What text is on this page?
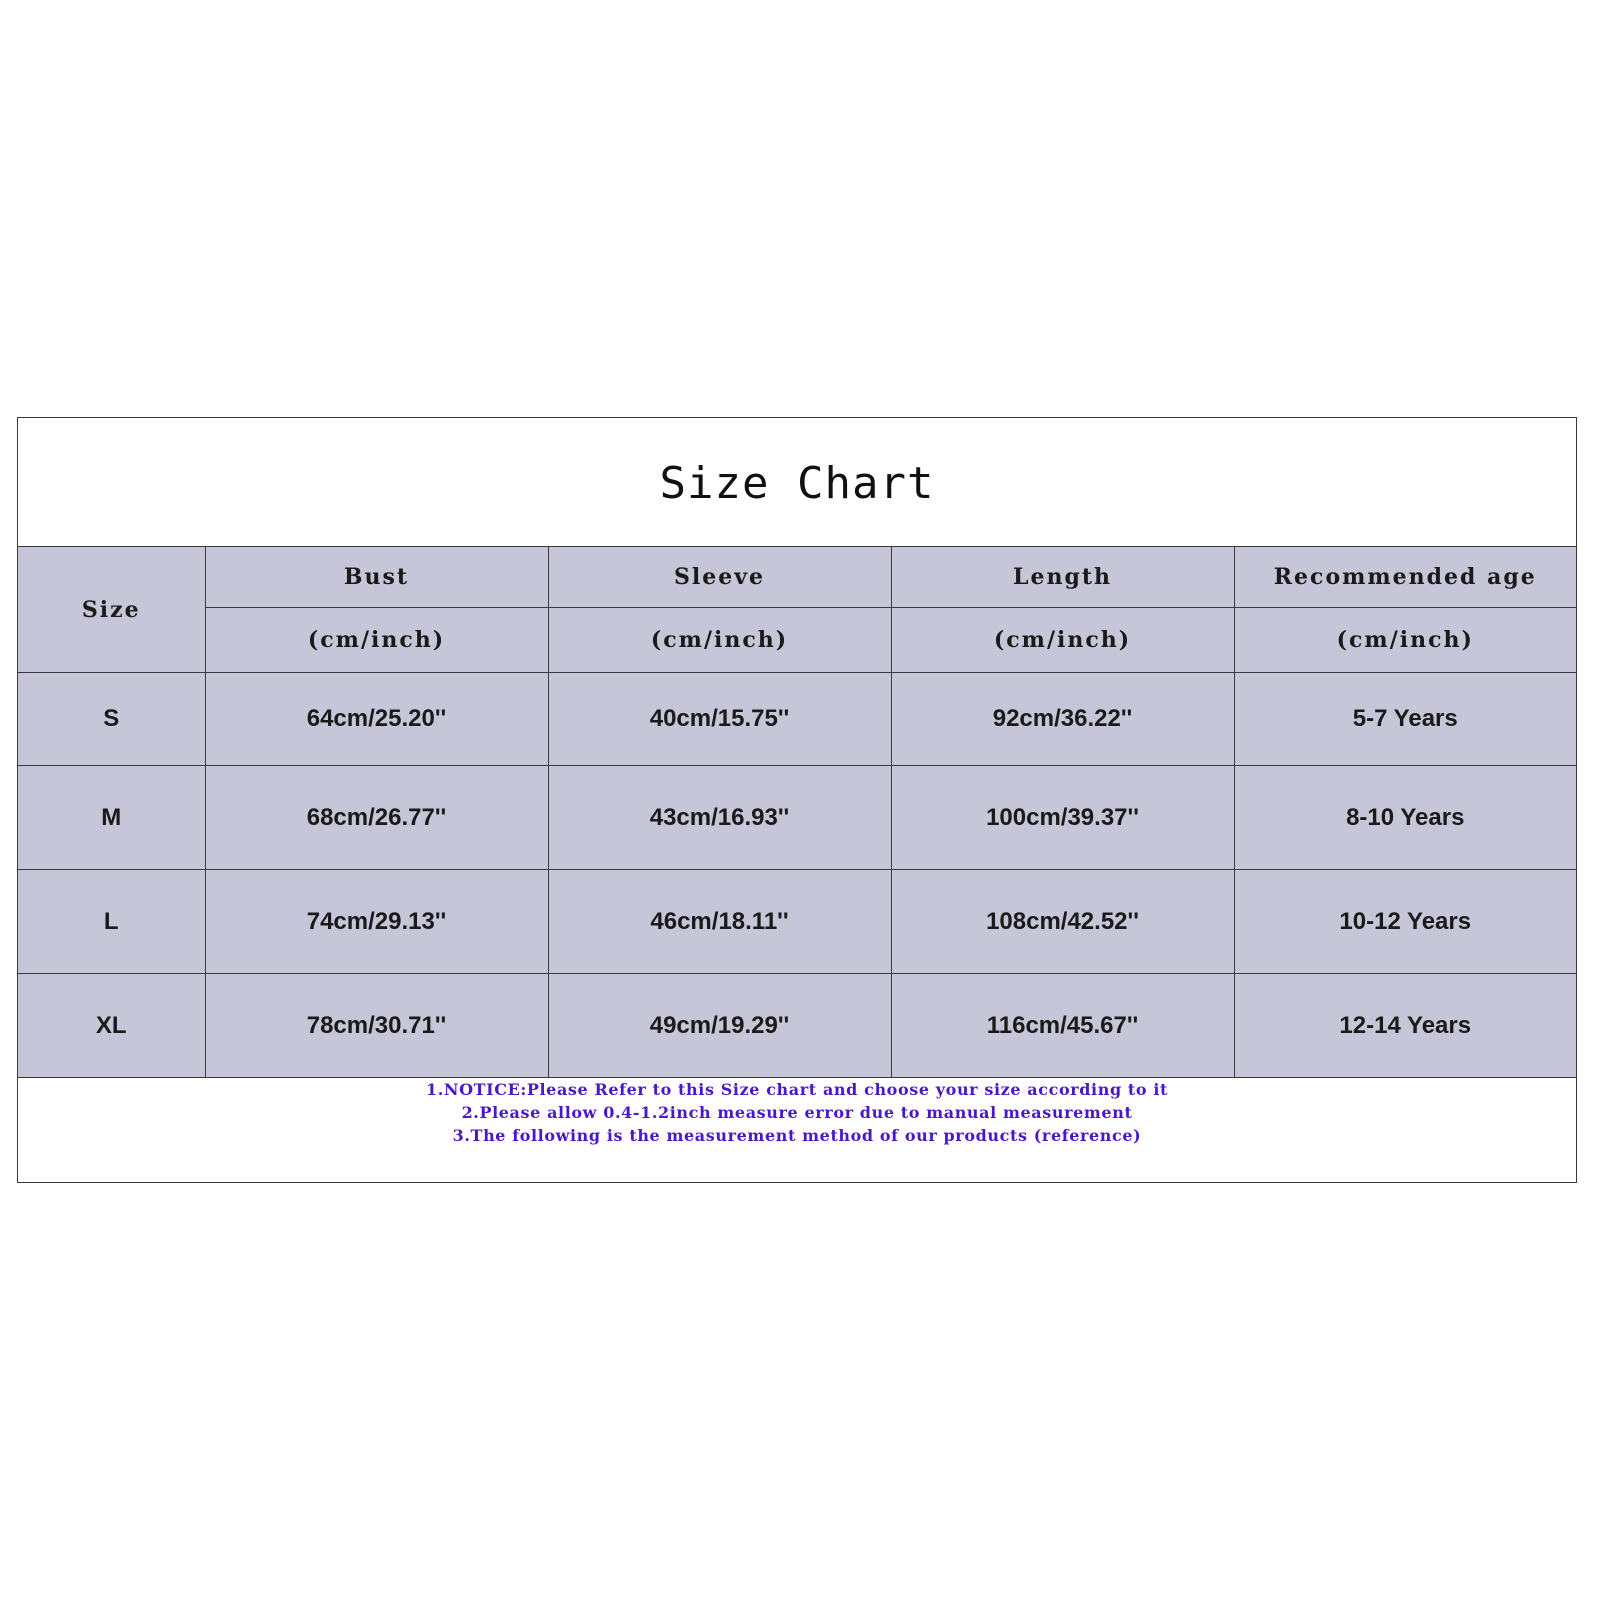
Size Chart
Size	Bust	Sleeve	Length	Recommended age
	(cm/inch)	(cm/inch)	(cm/inch)	(cm/inch)
S	64cm/25.20''	40cm/15.75''	92cm/36.22''	5-7 Years
M	68cm/26.77''	43cm/16.93''	100cm/39.37''	8-10 Years
L	74cm/29.13''	46cm/18.11''	108cm/42.52''	10-12 Years
XL	78cm/30.71''	49cm/19.29''	116cm/45.67''	12-14 Years
1.NOTICE:Please Refer to this Size chart and choose your size according to it
2.Please allow 0.4-1.2inch measure error due to manual measurement
3.The following is the measurement method of our products (reference)
